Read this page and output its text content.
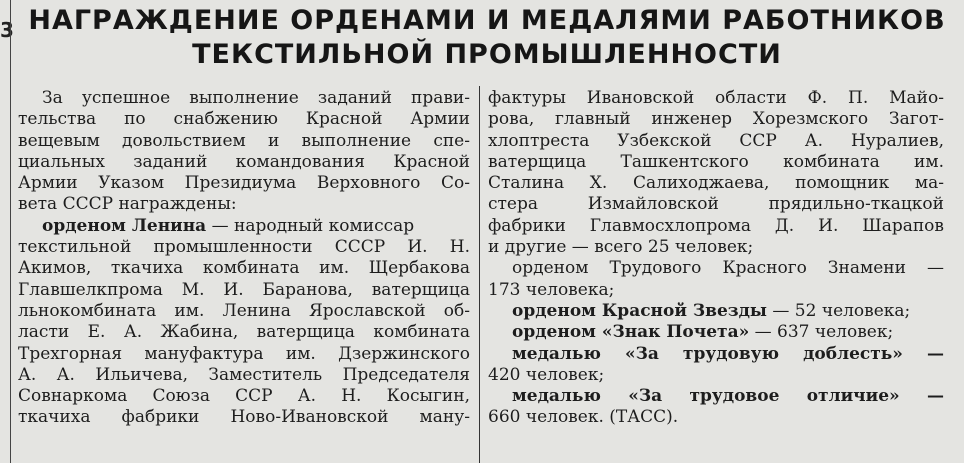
3 НАГРАЖДЕНИЕ ОРДЕНАМИ И МЕДАЛЯМИ РАБОТНИКОВ
ТЕКСТИЛЬНОЙ ПРОМЫШЛЕННОСТИ
За успешное выполнение заданий прави-
тельства по снабжению Красной Армии
вещевым довольствием и выполнение спе-
циальных заданий командования Красной
Армии Указом Президиума Верховного Со-
вета СССР награждены:
орденом Ленина — народный комиссар
текстильной промышленности СССР И. Н.
Акимов, ткачиха комбината им. Щербакова
Главшелкпрома М. И. Баранова, ватерщица
льнокомбината им. Ленина Ярославской об-
ласти Е. А. Жабина, ватерщица комбината
Трехгорная мануфактура им. Дзержинского
А. А. Ильичева, Заместитель Председателя
Совнаркома Союза ССР А. Н. Косыгин,
ткачиха фабрики Ново-Ивановской ману-
фактуры Ивановской области Ф. П. Майо-
рова, главный инженер Хорезмского Загот-
хлоптреста Узбекской ССР А. Нуралиев,
ватерщица Ташкентского комбината им.
Сталина Х. Салиходжаева, помощник ма-
стера Измайловской прядильно-ткацкой
фабрики Главмосхлопрома Д. И. Шарапов
и другие — всего 25 человек;
орденом Трудового Красного Знамени —
173 человека;
орденом Красной Звезды — 52 человека;
орденом «Знак Почета» — 637 человек;
медалью «За трудовую доблесть» —
420 человек;
медалью «За трудовое отличие» —
660 человек. (ТАСС).
